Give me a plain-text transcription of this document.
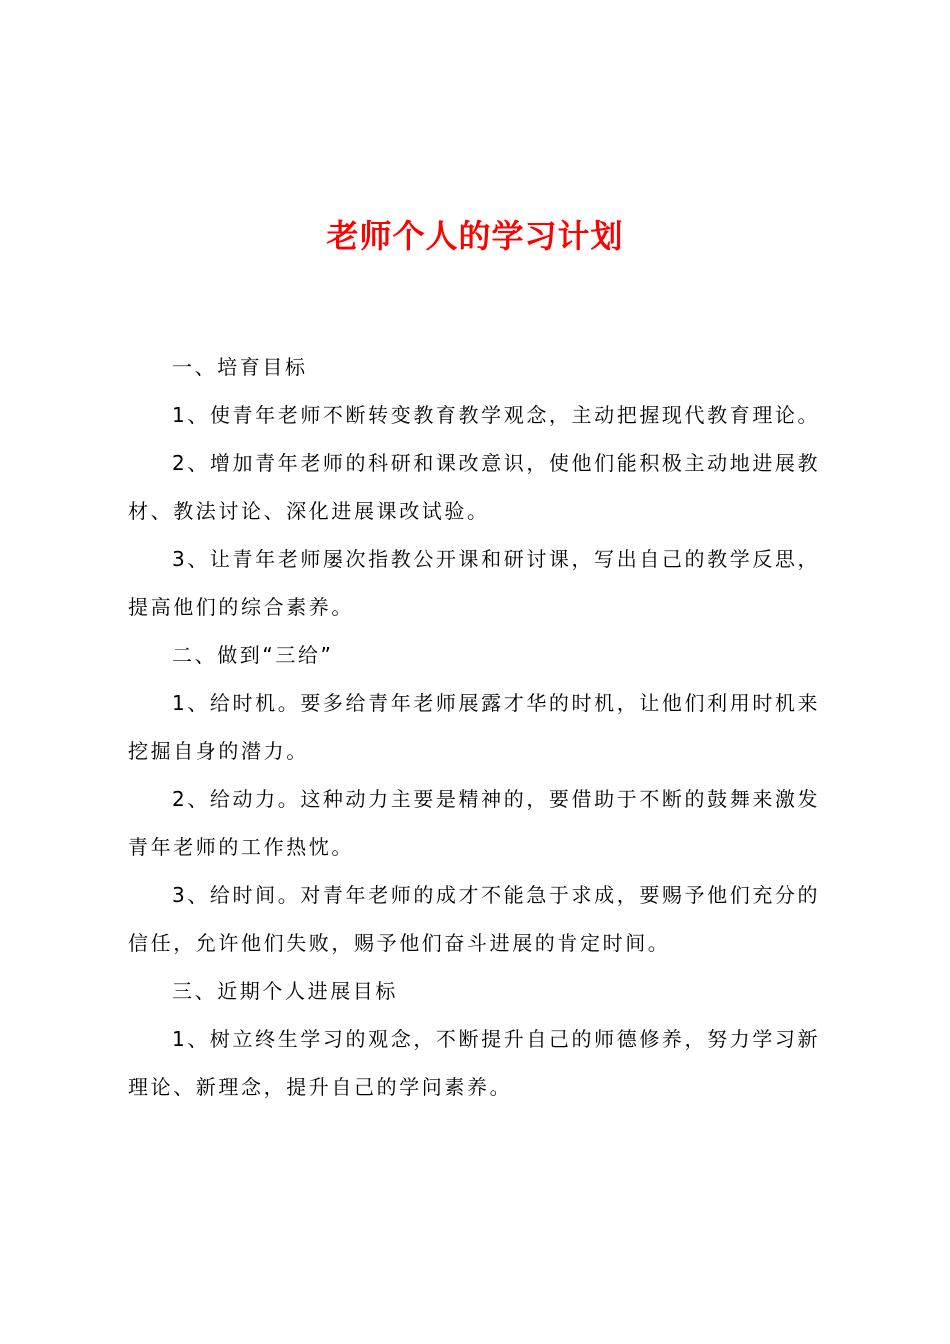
老师个人的学习计划

一、培育目标

1、使青年老师不断转变教育教学观念，主动把握现代教育理论。

2、增加青年老师的科研和课改意识，使他们能积极主动地进展教材、教法讨论、深化进展课改试验。

3、让青年老师屡次指教公开课和研讨课，写出自己的教学反思，提高他们的综合素养。

二、做到“三给”

1、给时机。要多给青年老师展露才华的时机，让他们利用时机来挖掘自身的潜力。

2、给动力。这种动力主要是精神的，要借助于不断的鼓舞来激发青年老师的工作热忱。

3、给时间。对青年老师的成才不能急于求成，要赐予他们充分的信任，允许他们失败，赐予他们奋斗进展的肯定时间。

三、近期个人进展目标

1、树立终生学习的观念，不断提升自己的师德修养，努力学习新理论、新理念，提升自己的学问素养。
